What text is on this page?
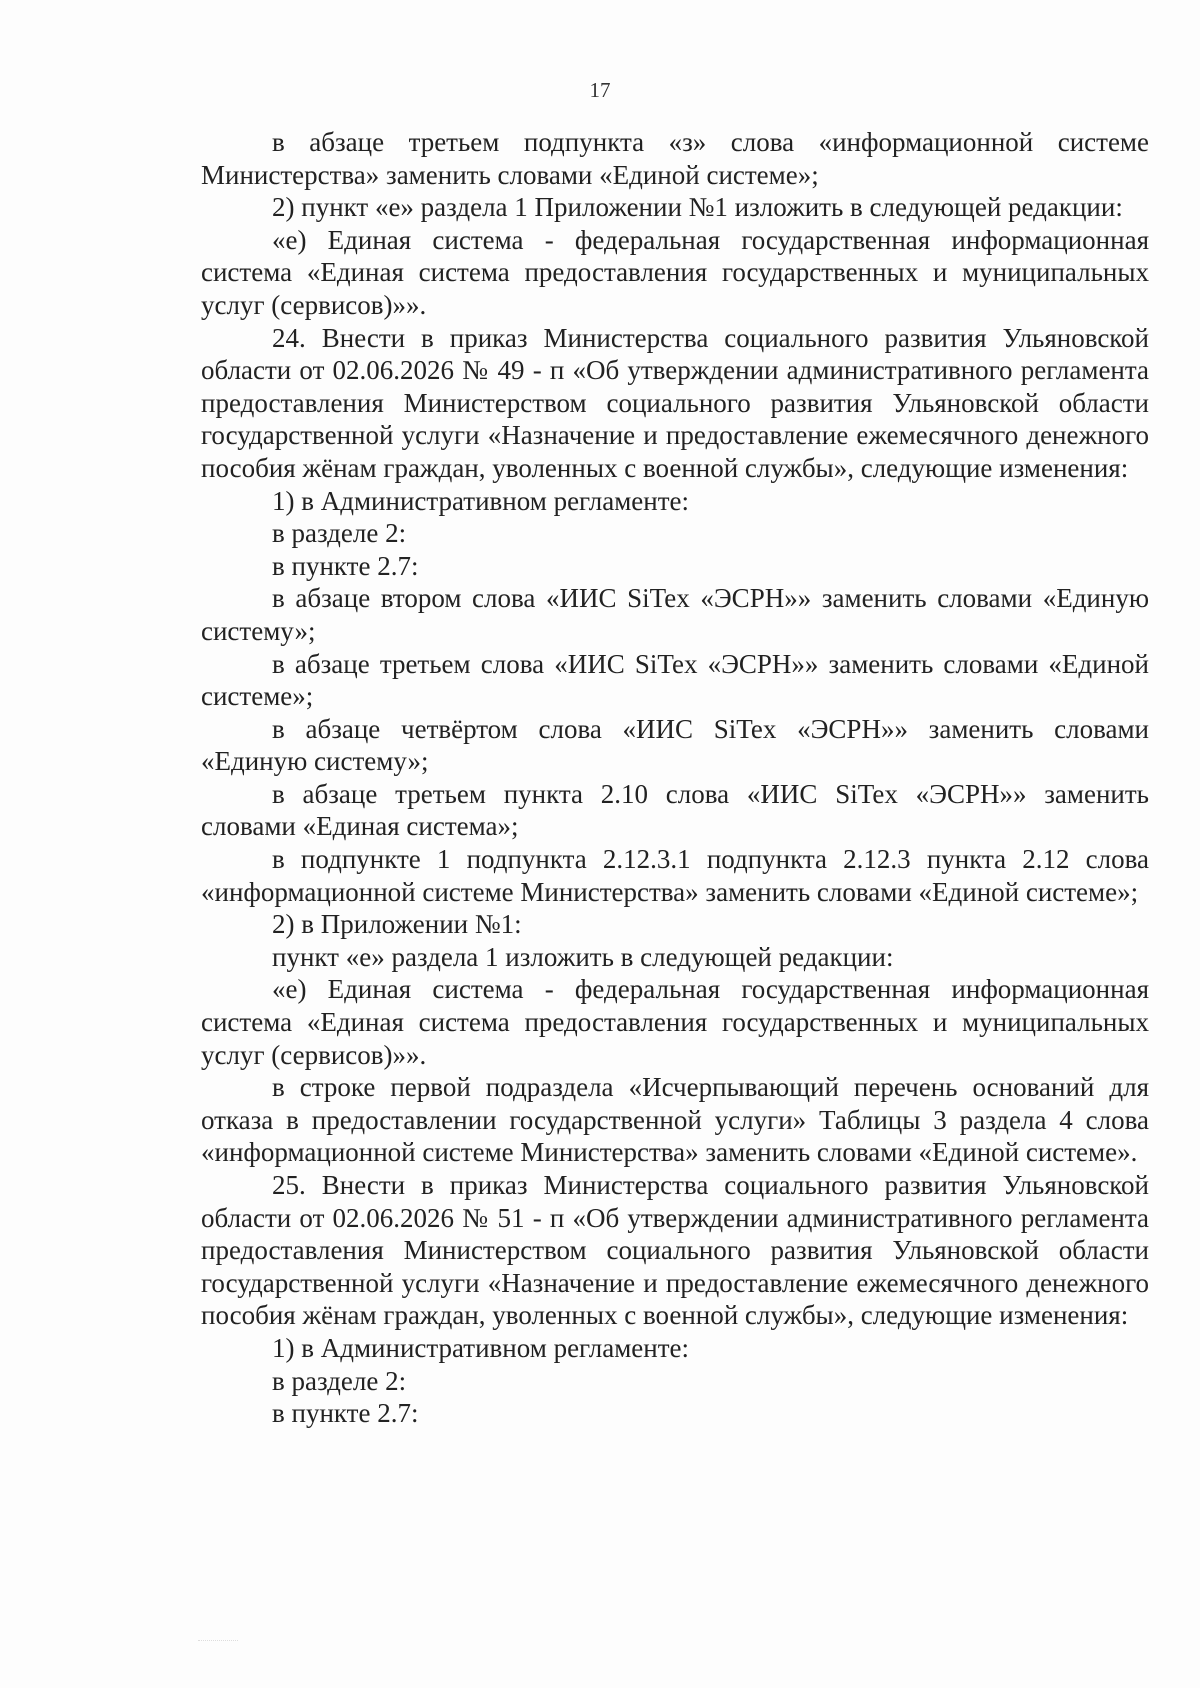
17

в абзаце третьем подпункта «з» слова «информационной системе Министерства» заменить словами «Единой системе»;

2) пункт «е» раздела 1 Приложении №1 изложить в следующей редакции:

«е) Единая система - федеральная государственная информационная система «Единая система предоставления государственных и муниципальных услуг (сервисов)»».

24. Внести в приказ Министерства социального развития Ульяновской области от 02.06.2026 № 49 - п «Об утверждении административного регламента предоставления Министерством социального развития Ульяновской области государственной услуги «Назначение и предоставление ежемесячного денежного пособия жёнам граждан, уволенных с военной службы», следующие изменения:

1) в Административном регламенте:

в разделе 2:

в пункте 2.7:

в абзаце втором слова «ИИС SiTex «ЭСРН»» заменить словами «Единую систему»;

в абзаце третьем слова «ИИС SiTex «ЭСРН»» заменить словами «Единой системе»;

в абзаце четвёртом слова «ИИС SiTex «ЭСРН»» заменить словами «Единую систему»;

в абзаце третьем пункта 2.10 слова «ИИС SiTex «ЭСРН»» заменить словами «Единая система»;

в подпункте 1 подпункта 2.12.3.1 подпункта 2.12.3 пункта 2.12 слова «информационной системе Министерства» заменить словами «Единой системе»;

2) в Приложении №1:

пункт «е» раздела 1 изложить в следующей редакции:

«е) Единая система - федеральная государственная информационная система «Единая система предоставления государственных и муниципальных услуг (сервисов)»».

в строке первой подраздела «Исчерпывающий перечень оснований для отказа в предоставлении государственной услуги» Таблицы 3 раздела 4 слова «информационной системе Министерства» заменить словами «Единой системе».

25. Внести в приказ Министерства социального развития Ульяновской области от 02.06.2026 № 51 - п «Об утверждении административного регламента предоставления Министерством социального развития Ульяновской области государственной услуги «Назначение и предоставление ежемесячного денежного пособия жёнам граждан, уволенных с военной службы», следующие изменения:

1) в Административном регламенте:

в разделе 2:

в пункте 2.7:
